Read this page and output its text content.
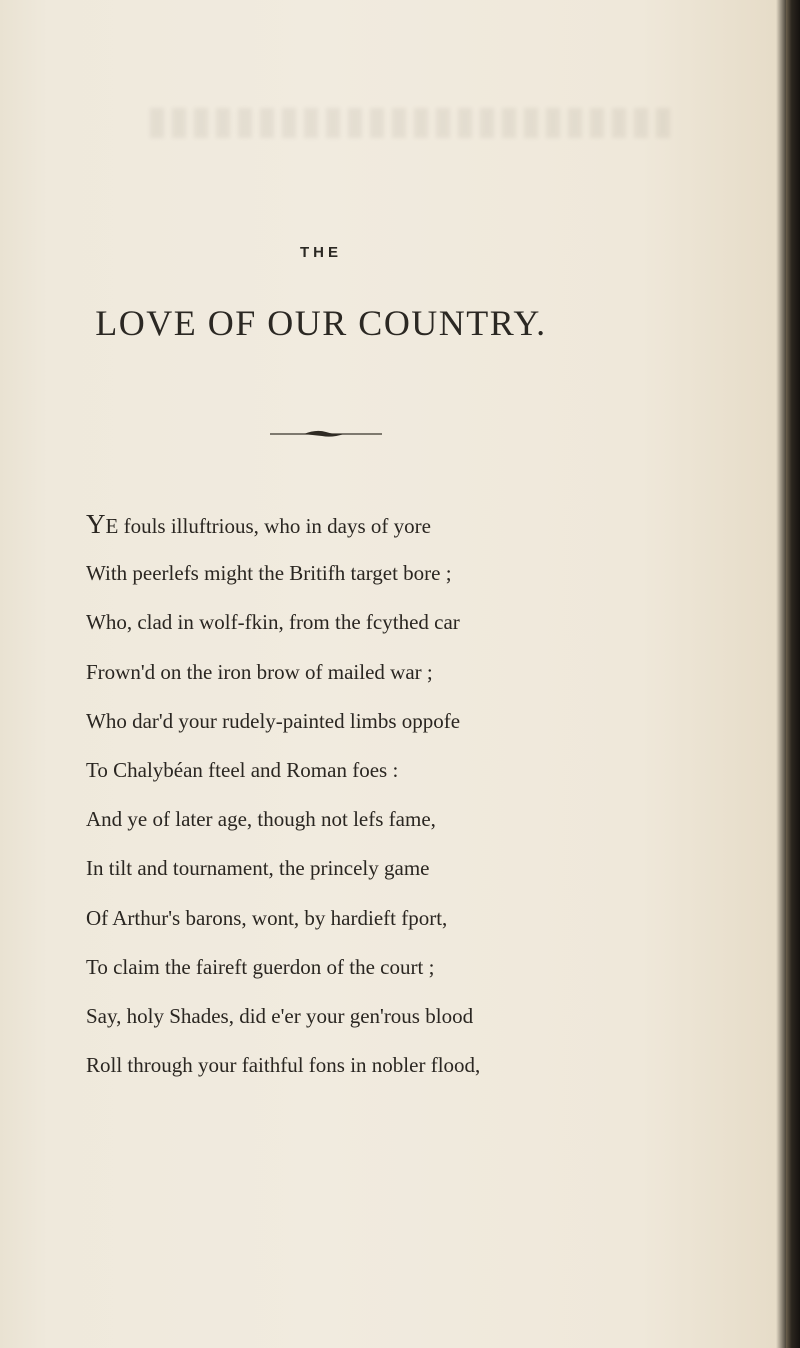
THE
LOVE OF OUR COUNTRY.
YE fouls illuftrious, who in days of yore
With peerlefs might the Britifh target bore ;
Who, clad in wolf-fkin, from the fcythed car
Frown'd on the iron brow of mailed war ;
Who dar'd your rudely-painted limbs oppofe
To Chalybéan fteel and Roman foes :
And ye of later age, though not lefs fame,
In tilt and tournament, the princely game
Of Arthur's barons, wont, by hardieft fport,
To claim the faireft guerdon of the court ;
Say, holy Shades, did e'er your gen'rous blood
Roll through your faithful fons in nobler flood,
